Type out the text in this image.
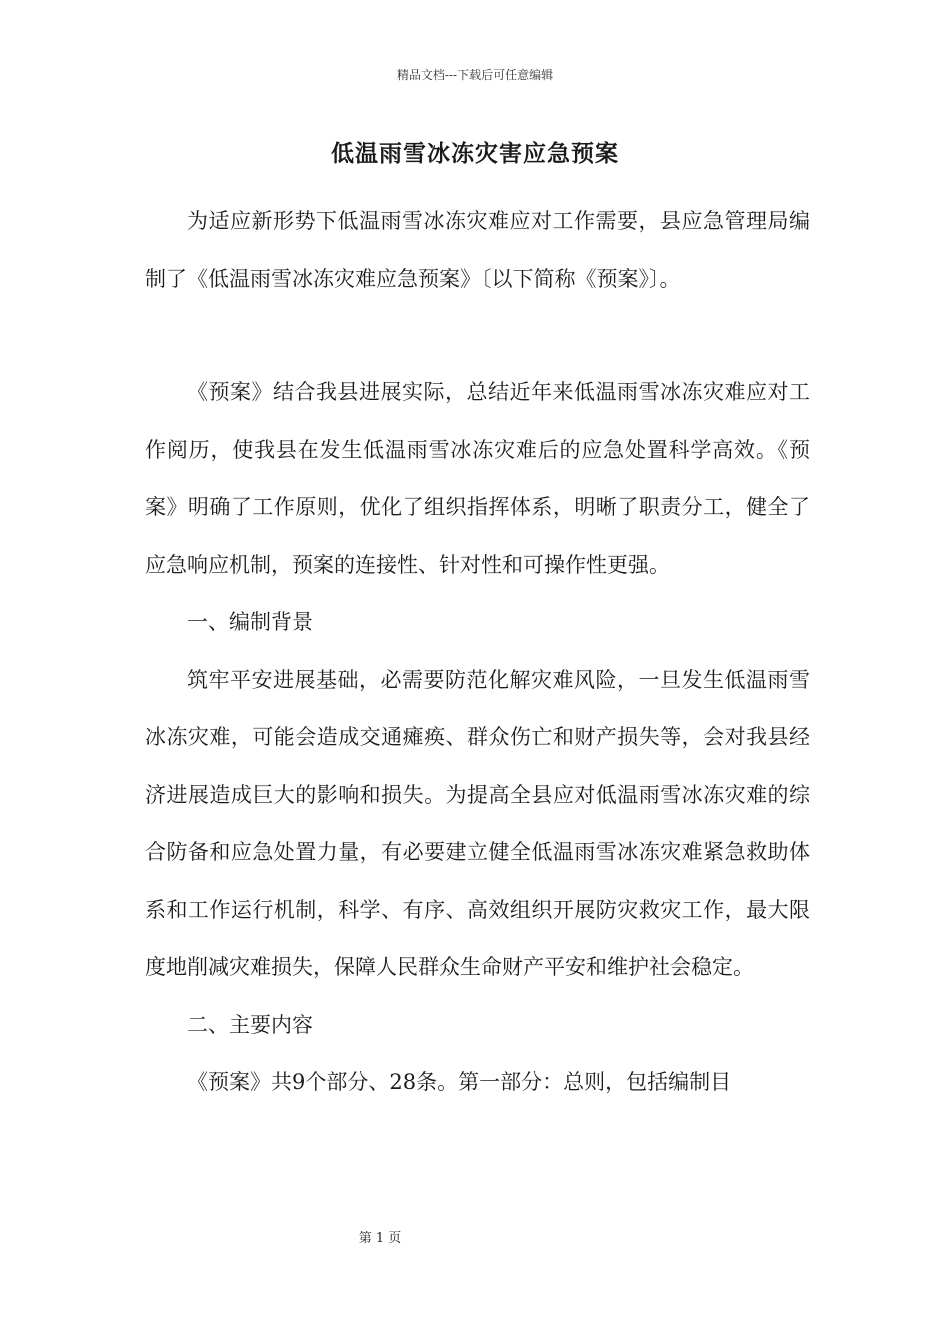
精品文档---下载后可任意编辑
低温雨雪冰冻灾害应急预案

为适应新形势下低温雨雪冰冻灾难应对工作需要，县应急管理局编制了《低温雨雪冰冻灾难应急预案》〔以下简称《预案》〕。

《预案》结合我县进展实际，总结近年来低温雨雪冰冻灾难应对工作阅历，使我县在发生低温雨雪冰冻灾难后的应急处置科学高效。《预案》明确了工作原则，优化了组织指挥体系，明晰了职责分工，健全了应急响应机制，预案的连接性、针对性和可操作性更强。

一、编制背景

筑牢平安进展基础，必需要防范化解灾难风险，一旦发生低温雨雪冰冻灾难，可能会造成交通瘫痪、群众伤亡和财产损失等，会对我县经济进展造成巨大的影响和损失。为提高全县应对低温雨雪冰冻灾难的综合防备和应急处置力量，有必要建立健全低温雨雪冰冻灾难紧急救助体系和工作运行机制，科学、有序、高效组织开展防灾救灾工作，最大限度地削减灾难损失，保障人民群众生命财产平安和维护社会稳定。

二、主要内容

《预案》共9个部分、28条。第一部分：总则，包括编制目

第 1 页
